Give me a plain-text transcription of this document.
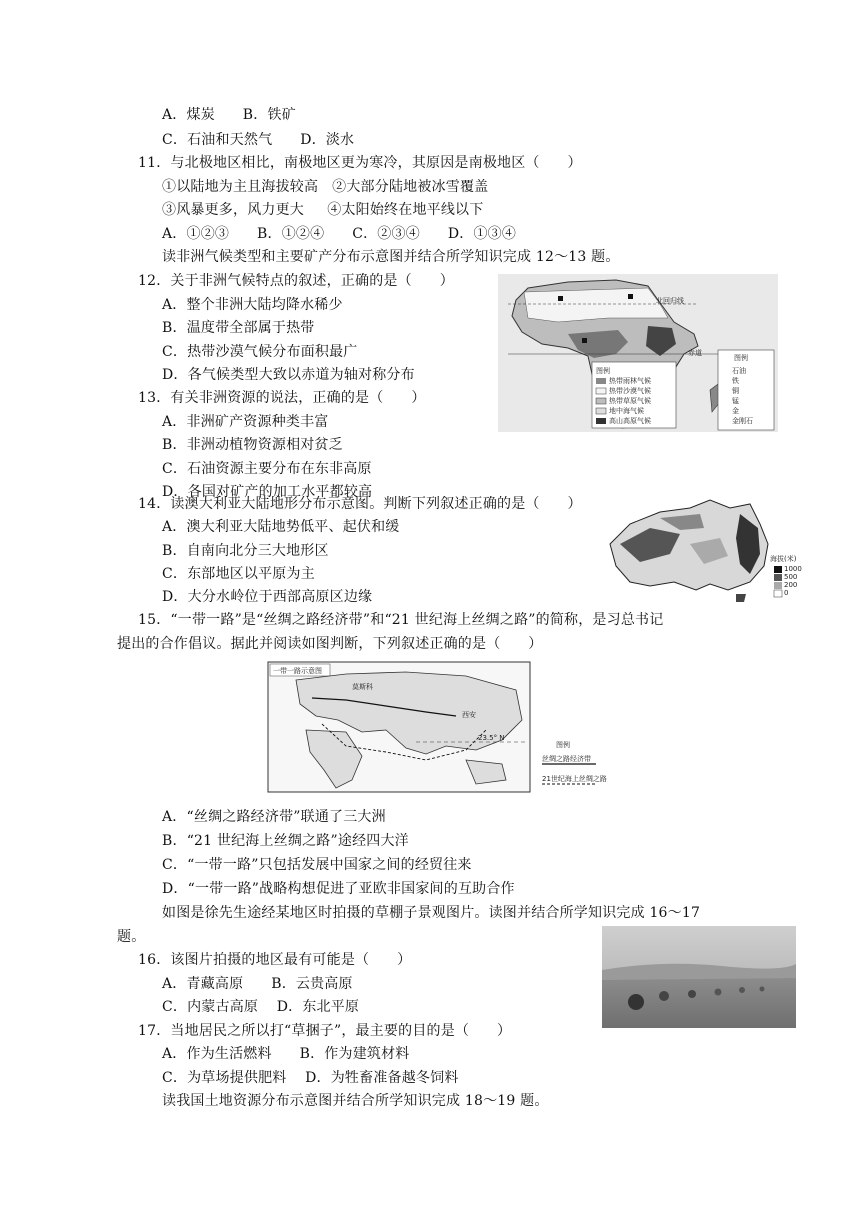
A．煤炭      B．铁矿
C．石油和天然气      D．淡水
11．与北极地区相比，南极地区更为寒冷，其原因是南极地区（      ）
①以陆地为主且海拔较高   ②大部分陆地被冰雪覆盖
③风暴更多，风力更大     ④太阳始终在地平线以下
A．①②③      B．①②④      C．②③④      D．①③④
读非洲气候类型和主要矿产分布示意图并结合所学知识完成 12～13 题。
12．关于非洲气候特点的叙述，正确的是（      ）
A．整个非洲大陆均降水稀少
B．温度带全部属于热带
C．热带沙漠气候分布面积最广
D．各气候类型大致以赤道为轴对称分布
13．有关非洲资源的说法，正确的是（      ）
A．非洲矿产资源种类丰富
B．非洲动植物资源相对贫乏
C．石油资源主要分布在东非高原
D．各国对矿产的加工水平都较高
北回归线
赤道
图例
热带雨林气候
热带沙漠气候
热带草原气候
地中海气候
高山高原气候
图例
石油
铁
铜
锰
金
金刚石
14．读澳大利亚大陆地形分布示意图。判断下列叙述正确的是（      ）
A．澳大利亚大陆地势低平、起伏和缓
B．自南向北分三大地形区
C．东部地区以平原为主
D．大分水岭位于西部高原区边缘
海拔(米)
1000
500
200
0
15．“一带一路”是“丝绸之路经济带”和“21 世纪海上丝绸之路”的简称，是习总书记
提出的合作倡议。据此并阅读如图判断，下列叙述正确的是（      ）
一带一路示意图
莫斯科
西安
23.5° N
图例
丝绸之路经济带
21世纪海上丝绸之路
A．“丝绸之路经济带”联通了三大洲
B．“21 世纪海上丝绸之路”途经四大洋
C．“一带一路”只包括发展中国家之间的经贸往来
D．“一带一路”战略构想促进了亚欧非国家间的互助合作
如图是徐先生途经某地区时拍摄的草棚子景观图片。读图并结合所学知识完成 16～17
题。
16．该图片拍摄的地区最有可能是（      ）
A．青藏高原      B．云贵高原
C．内蒙古高原    D．东北平原
17．当地居民之所以打“草捆子”，最主要的目的是（      ）
A．作为生活燃料      B．作为建筑材料
C．为草场提供肥料    D．为牲畜准备越冬饲料
读我国土地资源分布示意图并结合所学知识完成 18～19 题。
